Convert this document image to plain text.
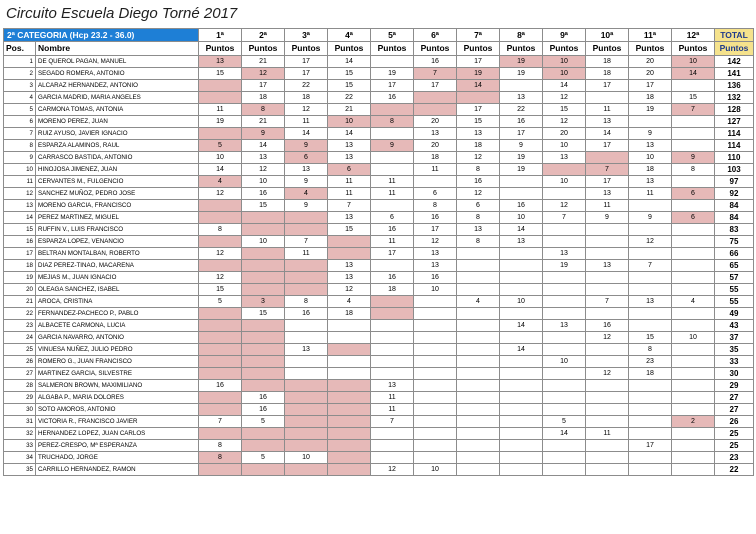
Circuito Escuela Diego Torné 2017
2ª CATEGORIA (Hcp 23.2 - 36.0)		1ª	2ª	3ª	4ª	5ª	6ª	7ª	8ª	9ª	10ª	11ª	12ª	TOTAL
Pos.	Nombre	Puntos	Puntos	Puntos	Puntos	Puntos	Puntos	Puntos	Puntos	Puntos	Puntos	Puntos	Puntos	Puntos
1	DE QUEROL PAGAN, MANUEL	13	21	17	14		16	17	19	10	18	20	10	142
2	SEGADO ROMERA, ANTONIO	15	12	17	15	19	7	19	19	10	18	20	14	141
3	ALCARAZ HERNANDEZ, ANTONIO		17	22	15	17	17	14		14	17	17		136
4	GARCIA MADRID, MARIA ANGELES		18	18	22	16			13	12		18	15	132
5	CARMONA TOMAS, ANTONIA	11	8	12	21			17	22	15	11	19	7	128
6	MORENO PEREZ, JUAN	19	21	11	10	8	20	15	16	12	13			127
7	RUIZ AYUSO, JAVIER IGNACIO		9	14	14		13	13	17	20	14	9		114
8	ESPARZA ALAMINOS, RAUL	5	14	9	13	9	20	18	9	10	17	13		114
9	CARRASCO BASTIDA, ANTONIO	10	13	6	13		18	12	19	13		10	9	110
10	HINOJOSA JIMENEZ, JUAN	14	12	13	6		11	8	19		7	18	8	103
11	CERVANTES M., FULGENCIO	4	10	9	11	11		16		10	17	13		97
12	SANCHEZ MUÑOZ, PEDRO JOSE	12	16	4	11	11	6	12			13	11	6	92
13	MORENO GARCIA, FRANCISCO		15	9	7		8	6	16	12	11			84
14	PEREZ MARTINEZ, MIGUEL				13	6	16	8	10	7	9	9	6	84
15	RUFFIN V., LUIS FRANCISCO	8			15	16	17	13	14					83
16	ESPARZA LOPEZ, VENANCIO		10	7		11	12	8	13			12		75
17	BELTRAN MONTALBAN, ROBERTO	12		11		17	13			13				66
18	DIAZ PEREZ-TINAO, MACARENA				13		13			19	13	7		65
19	MEJIAS M., JUAN IGNACIO	12			13	16	16							57
20	OLEAGA SANCHEZ, ISABEL	15			12	18	10							55
21	AROCA, CRISTINA	5	3	8	4			4	10		7	13	4	55
22	FERNANDEZ-PACHECO P., PABLO		15	16	18									49
23	ALBACETE CARMONA, LUCIA								14	13	16			43
24	GARCIA NAVARRO, ANTONIO										12	15	10	37
25	VINUESA NUÑEZ, JULIO PEDRO			13					14			8		35
26	ROMERO G., JUAN FRANCISCO									10		23		33
27	MARTINEZ GARCIA, SILVESTRE										12	18		30
28	SALMERON BROWN, MAXIMILIANO	16				13								29
29	ALGABA P., MARIA DOLORES		16			11								27
30	SOTO AMOROS, ANTONIO		16			11								27
31	VICTORIA R., FRANCISCO JAVIER	7	5			7				5			2	26
32	HERNANDEZ LOPEZ, JUAN CARLOS									14	11			25
33	PEREZ-CRESPO, Mª ESPERANZA	8										17		25
34	TRUCHADO, JORGE	8	5	10										23
35	CARRILLO HERNANDEZ, RAMON					12	10							22
